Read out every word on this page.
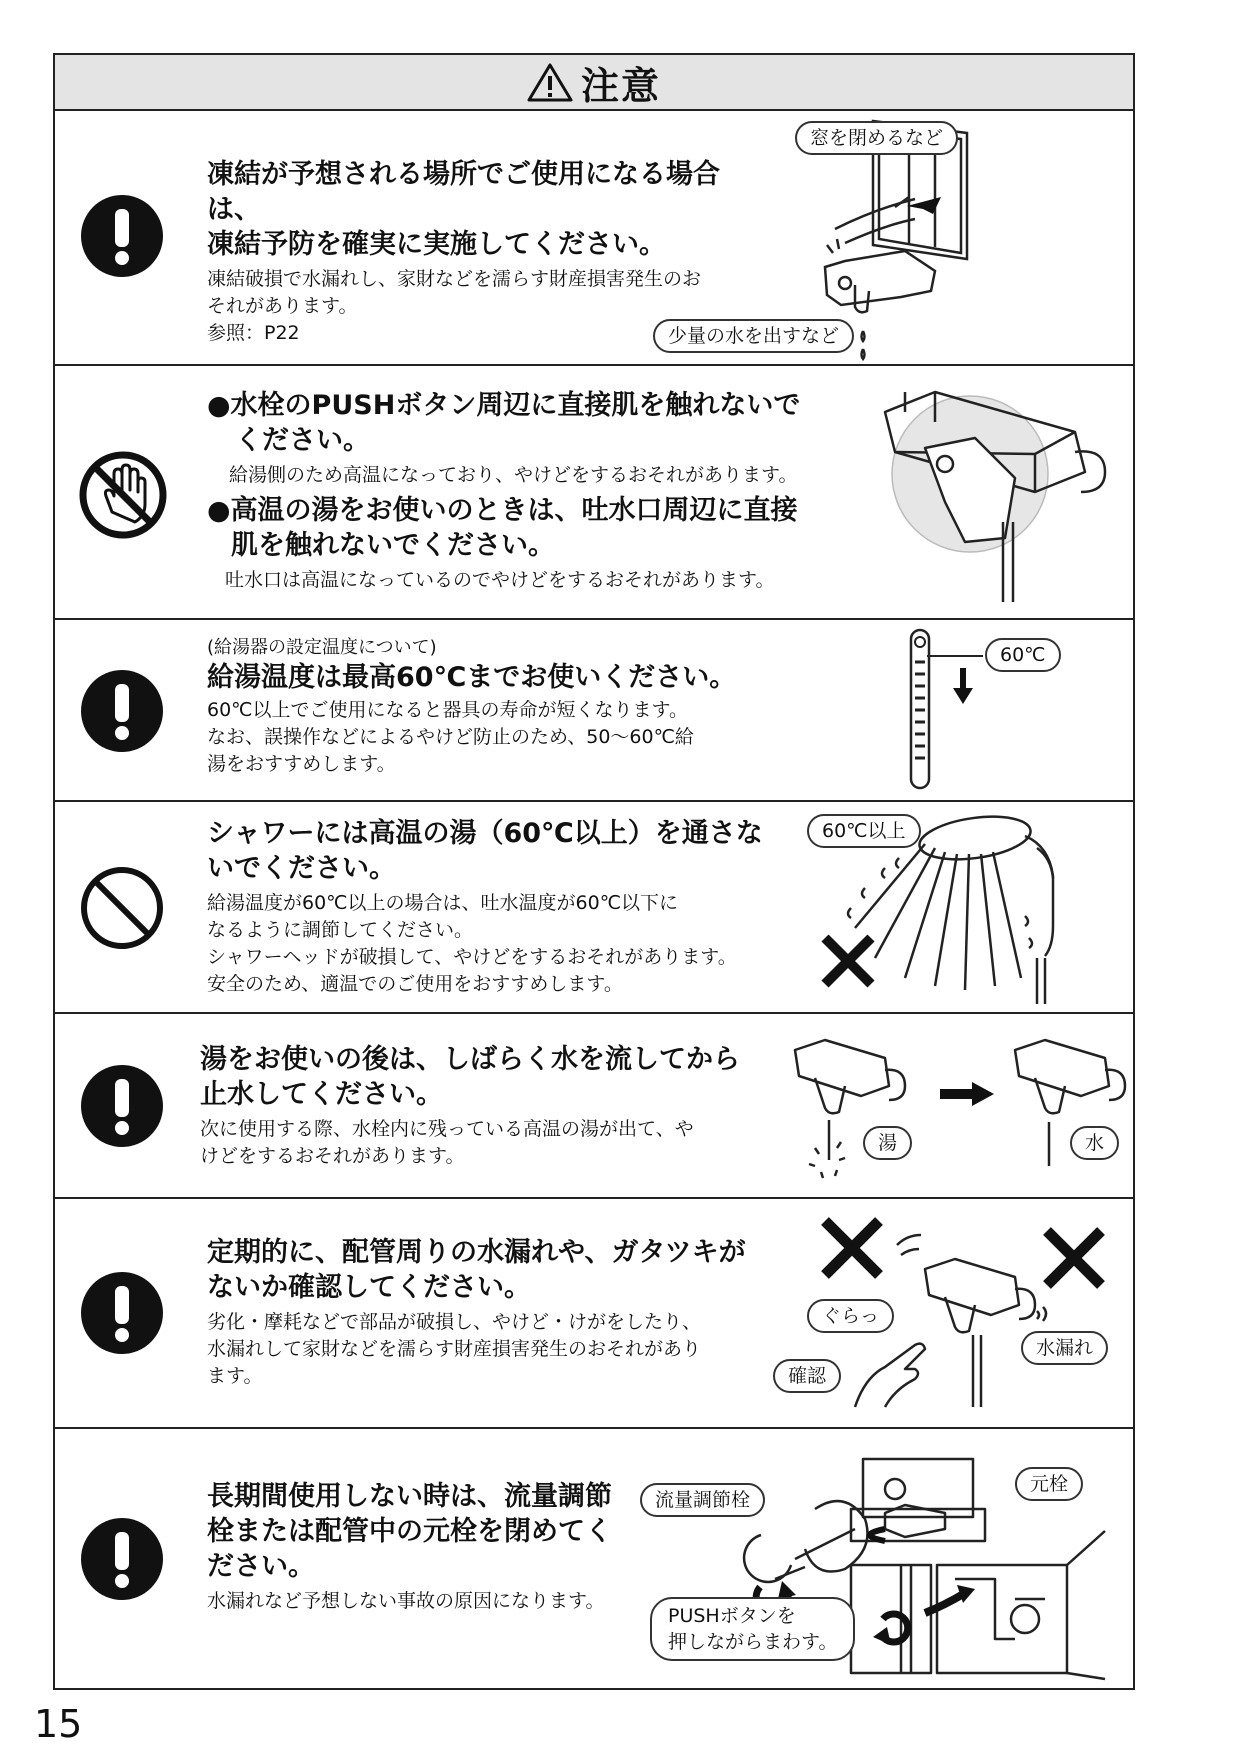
注意

凍結が予想される場所でご使用になる場合は、

凍結予防を確実に実施してください。

凍結破損で水漏れし、家財などを濡らす財産損害発生のお

それがあります。

参照：P22

窓を閉めるなど
少量の水を出すなど

●水栓のPUSHボタン周辺に直接肌を触れないで

ください。

給湯側のため高温になっており、やけどをするおそれがあります。

●高温の湯をお使いのときは、吐水口周辺に直接

肌を触れないでください。

吐水口は高温になっているのでやけどをするおそれがあります。

(給湯器の設定温度について)

給湯温度は最高60℃までお使いください。

60℃以上でご使用になると器具の寿命が短くなります。

なお、誤操作などによるやけど防止のため、50～60℃給

湯をおすすめします。

60℃

シャワーには高温の湯（60℃以上）を通さな

いでください。

給湯温度が60℃以上の場合は、吐水温度が60℃以下に

なるように調節してください。

シャワーヘッドが破損して、やけどをするおそれがあります。

安全のため、適温でのご使用をおすすめします。

60℃以上

湯をお使いの後は、しばらく水を流してから

止水してください。

次に使用する際、水栓内に残っている高温の湯が出て、や

けどをするおそれがあります。

湯	水

定期的に、配管周りの水漏れや、ガタツキが

ないか確認してください。

劣化・摩耗などで部品が破損し、やけど・けがをしたり、

水漏れして家財などを濡らす財産損害発生のおそれがあり

ます。

ぐらっ
水漏れ
確認

長期間使用しない時は、流量調節

栓または配管中の元栓を閉めてく

ださい。

水漏れなど予想しない事故の原因になります。

流量調節栓
元栓
PUSHボタンを
押しながらまわす。
15
